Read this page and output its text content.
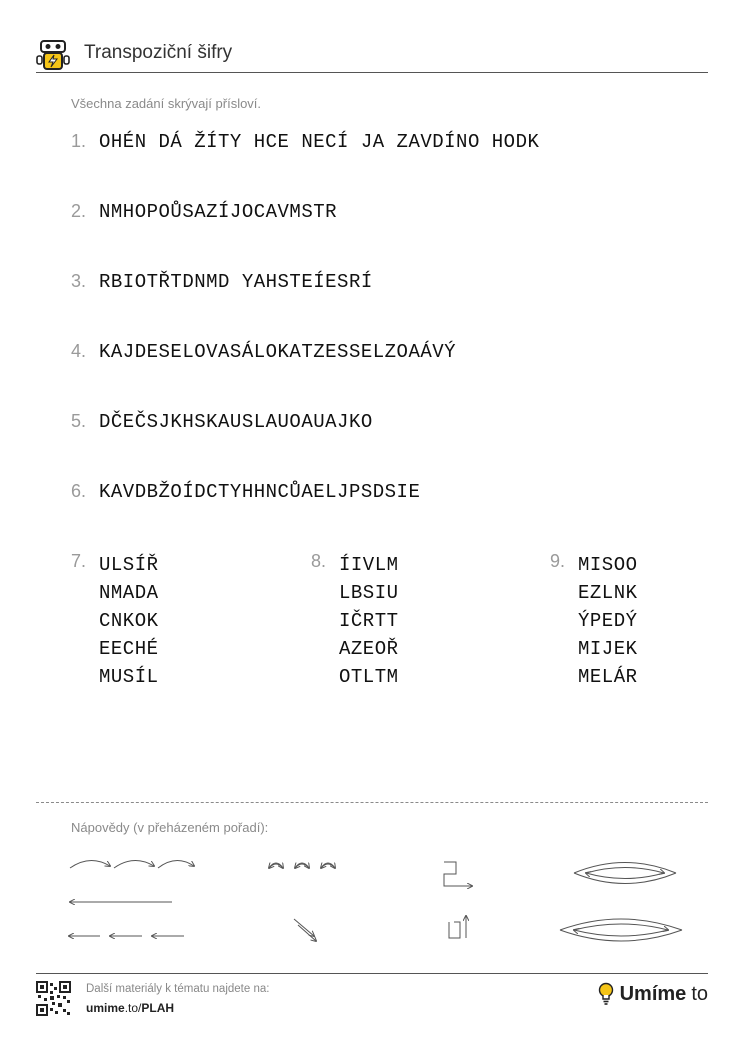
Transpoziční šifry
Všechna zadání skrývají přísloví.
1. OHÉN DÁ ŽÍTY HCE NECÍ JA ZAVDÍNO HODK
2. NMHOPOŮSAZÍJOCAVMSTR
3. RBIOTŘTDNMD YAHSTEÍESRÍ
4. KAJDESELOVASÁLOKATZESSELZOAÁVÝ
5. DČEČSJKHSKAUSLAUOAUAJKO
6. KAVDBŽOÍDCTYHHNCŮAELJPSDSIE
7. ULSÍŘ
NMADA
CNKOK
EECHÉ
MUSÍL
8. ÍIVLM
LBSIU
IČRTT
AZEOŘ
OTLTM
9. MISOO
EZLNK
ÝPEDÝ
MIJEK
MELÁR
Nápovědy (v přeházeném pořadí):
Další materiály k tématu najdete na:
umime.to/PLAH
Umíme to
